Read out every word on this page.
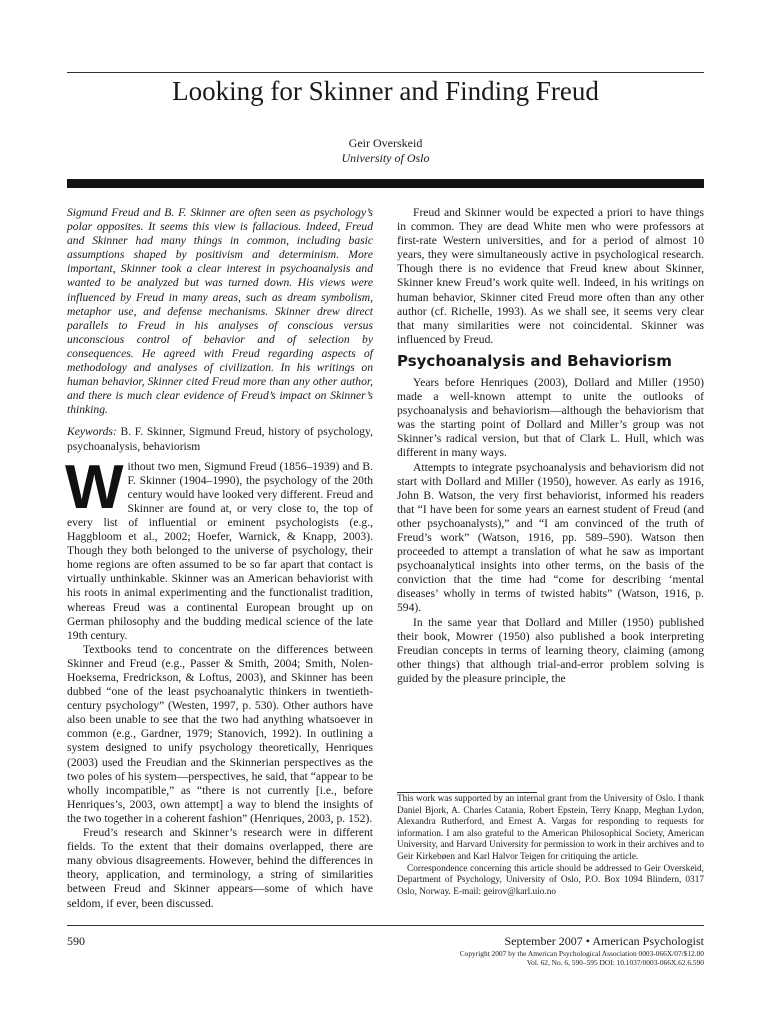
Looking for Skinner and Finding Freud
Geir Overskeid
University of Oslo

Sigmund Freud and B. F. Skinner are often seen as psychology’s polar opposites. It seems this view is fallacious. Indeed, Freud and Skinner had many things in common, including basic assumptions shaped by positivism and determinism. More important, Skinner took a clear interest in psychoanalysis and wanted to be analyzed but was turned down. His views were influenced by Freud in many areas, such as dream symbolism, metaphor use, and defense mechanisms. Skinner drew direct parallels to Freud in his analyses of conscious versus unconscious control of behavior and of selection by consequences. He agreed with Freud regarding aspects of methodology and analyses of civilization. In his writings on human behavior, Skinner cited Freud more than any other author, and there is much clear evidence of Freud’s impact on Skinner’s thinking.

Keywords: B. F. Skinner, Sigmund Freud, history of psychology, psychoanalysis, behaviorism

Without two men, Sigmund Freud (1856–1939) and B. F. Skinner (1904–1990), the psychology of the 20th century would have looked very different. Freud and Skinner are found at, or very close to, the top of every list of influential or eminent psychologists (e.g., Haggbloom et al., 2002; Hoefer, Warnick, & Knapp, 2003). Though they both belonged to the universe of psychology, their home regions are often assumed to be so far apart that contact is virtually unthinkable. Skinner was an American behaviorist with his roots in animal experimenting and the functionalist tradition, whereas Freud was a continental European brought up on German philosophy and the budding medical science of the late 19th century.

Textbooks tend to concentrate on the differences between Skinner and Freud (e.g., Passer & Smith, 2004; Smith, Nolen-Hoeksema, Fredrickson, & Loftus, 2003), and Skinner has been dubbed “one of the least psychoanalytic thinkers in twentieth-century psychology” (Westen, 1997, p. 530). Other authors have also been unable to see that the two had anything whatsoever in common (e.g., Gardner, 1979; Stanovich, 1992). In outlining a system designed to unify psychology theoretically, Henriques (2003) used the Freudian and the Skinnerian perspectives as the two poles of his system—perspectives, he said, that “appear to be wholly incompatible,” as “there is not currently [i.e., before Henriques’s, 2003, own attempt] a way to blend the insights of the two together in a coherent fashion” (Henriques, 2003, p. 152).

Freud’s research and Skinner’s research were in different fields. To the extent that their domains overlapped, there are many obvious disagreements. However, behind the differences in theory, application, and terminology, a string of similarities between Freud and Skinner appears—some of which have seldom, if ever, been discussed.

Freud and Skinner would be expected a priori to have things in common. They are dead White men who were professors at first-rate Western universities, and for a period of almost 10 years, they were simultaneously active in psychological research. Though there is no evidence that Freud knew about Skinner, Skinner knew Freud’s work quite well. Indeed, in his writings on human behavior, Skinner cited Freud more often than any other author (cf. Richelle, 1993). As we shall see, it seems very clear that many similarities were not coincidental. Skinner was influenced by Freud.

Psychoanalysis and Behaviorism

Years before Henriques (2003), Dollard and Miller (1950) made a well-known attempt to unite the outlooks of psychoanalysis and behaviorism—although the behaviorism that was the starting point of Dollard and Miller’s group was not Skinner’s radical version, but that of Clark L. Hull, which was different in many ways.

Attempts to integrate psychoanalysis and behaviorism did not start with Dollard and Miller (1950), however. As early as 1916, John B. Watson, the very first behaviorist, informed his readers that “I have been for some years an earnest student of Freud (and other psychoanalysts),” and “I am convinced of the truth of Freud’s work” (Watson, 1916, pp. 589–590). Watson then proceeded to attempt a translation of what he saw as important psychoanalytical insights into other terms, on the basis of the conviction that the time had “come for describing ‘mental diseases’ wholly in terms of twisted habits” (Watson, 1916, p. 594).

In the same year that Dollard and Miller (1950) published their book, Mowrer (1950) also published a book interpreting Freudian concepts in terms of learning theory, claiming (among other things) that although trial-and-error problem solving is guided by the pleasure principle, the

This work was supported by an internal grant from the University of Oslo. I thank Daniel Bjork, A. Charles Catania, Robert Epstein, Terry Knapp, Meghan Lydon, Alexandra Rutherford, and Ernest A. Vargas for responding to requests for information. I am also grateful to the American Philosophical Society, American University, and Harvard University for permission to work in their archives and to Geir Kirkebøen and Karl Halvor Teigen for critiquing the article.

Correspondence concerning this article should be addressed to Geir Overskeid, Department of Psychology, University of Oslo, P.O. Box 1094 Blindern, 0317 Oslo, Norway. E-mail: geirov@karl.uio.no

590	September 2007 • American Psychologist
Copyright 2007 by the American Psychological Association 0003-066X/07/$12.00
Vol. 62, No. 6, 590–595 DOI: 10.1037/0003-066X.62.6.590
